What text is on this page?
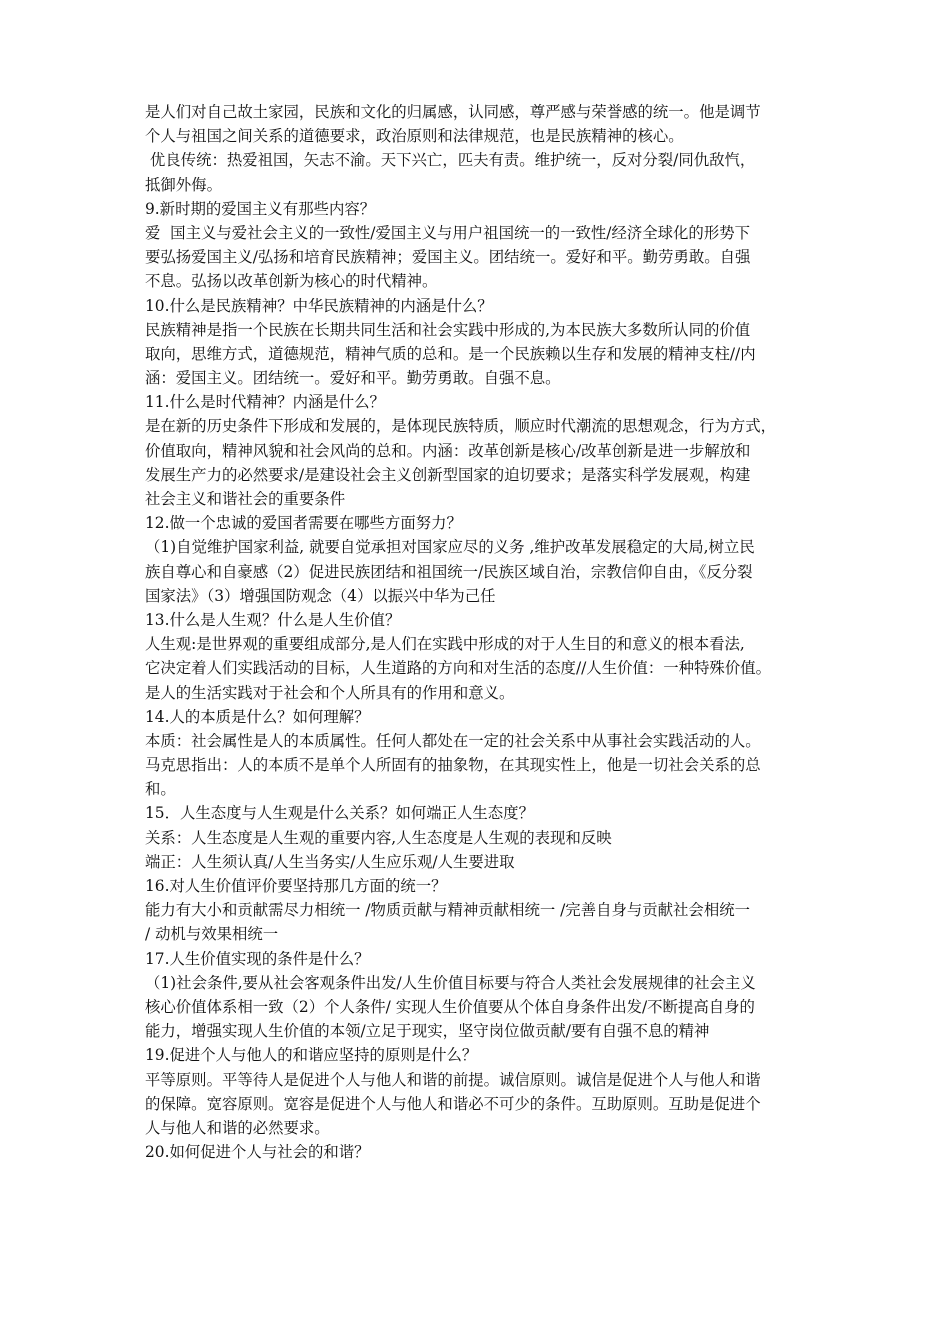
是人们对自己故土家园，民族和文化的归属感，认同感，尊严感与荣誉感的统一。他是调节
个人与祖国之间关系的道德要求，政治原则和法律规范，也是民族精神的核心。
优良传统：热爱祖国，矢志不渝。天下兴亡，匹夫有责。维护统一，反对分裂/同仇敌忾，
抵御外侮。
9.新时期的爱国主义有那些内容？
爱  国主义与爱社会主义的一致性/爱国主义与用户祖国统一的一致性/经济全球化的形势下
要弘扬爱国主义/弘扬和培育民族精神；爱国主义。团结统一。爱好和平。勤劳勇敢。自强
不息。弘扬以改革创新为核心的时代精神。
10.什么是民族精神？中华民族精神的内涵是什么？
民族精神是指一个民族在长期共同生活和社会实践中形成的,为本民族大多数所认同的价值
取向，思维方式，道德规范，精神气质的总和。是一个民族赖以生存和发展的精神支柱//内
涵：爱国主义。团结统一。爱好和平。勤劳勇敢。自强不息。
11.什么是时代精神？内涵是什么？
是在新的历史条件下形成和发展的，是体现民族特质，顺应时代潮流的思想观念，行为方式，
价值取向，精神风貌和社会风尚的总和。内涵：改革创新是核心/改革创新是进一步解放和
发展生产力的必然要求/是建设社会主义创新型国家的迫切要求；是落实科学发展观，构建
社会主义和谐社会的重要条件
12.做一个忠诚的爱国者需要在哪些方面努力？
（1)自觉维护国家利益, 就要自觉承担对国家应尽的义务 ,维护改革发展稳定的大局,树立民
族自尊心和自豪感（2）促进民族团结和祖国统一/民族区域自治，宗教信仰自由，《反分裂
国家法》（3）增强国防观念（4）以振兴中华为己任
13.什么是人生观？什么是人生价值？
人生观:是世界观的重要组成部分,是人们在实践中形成的对于人生目的和意义的根本看法,
它决定着人们实践活动的目标，人生道路的方向和对生活的态度//人生价值：一种特殊价值。
是人的生活实践对于社会和个人所具有的作用和意义。
14.人的本质是什么？如何理解？
本质：社会属性是人的本质属性。任何人都处在一定的社会关系中从事社会实践活动的人。
马克思指出：人的本质不是单个人所固有的抽象物，在其现实性上，他是一切社会关系的总
和。
15．人生态度与人生观是什么关系？如何端正人生态度？
关系：人生态度是人生观的重要内容,人生态度是人生观的表现和反映
端正：人生须认真/人生当务实/人生应乐观/人生要进取
16.对人生价值评价要坚持那几方面的统一？
能力有大小和贡献需尽力相统一 /物质贡献与精神贡献相统一 /完善自身与贡献社会相统一
/ 动机与效果相统一
17.人生价值实现的条件是什么？
（1)社会条件,要从社会客观条件出发/人生价值目标要与符合人类社会发展规律的社会主义
核心价值体系相一致（2）个人条件/ 实现人生价值要从个体自身条件出发/不断提高自身的
能力，增强实现人生价值的本领/立足于现实，坚守岗位做贡献/要有自强不息的精神
19.促进个人与他人的和谐应坚持的原则是什么？
平等原则。平等待人是促进个人与他人和谐的前提。诚信原则。诚信是促进个人与他人和谐
的保障。宽容原则。宽容是促进个人与他人和谐必不可少的条件。互助原则。互助是促进个
人与他人和谐的必然要求。
20.如何促进个人与社会的和谐？
